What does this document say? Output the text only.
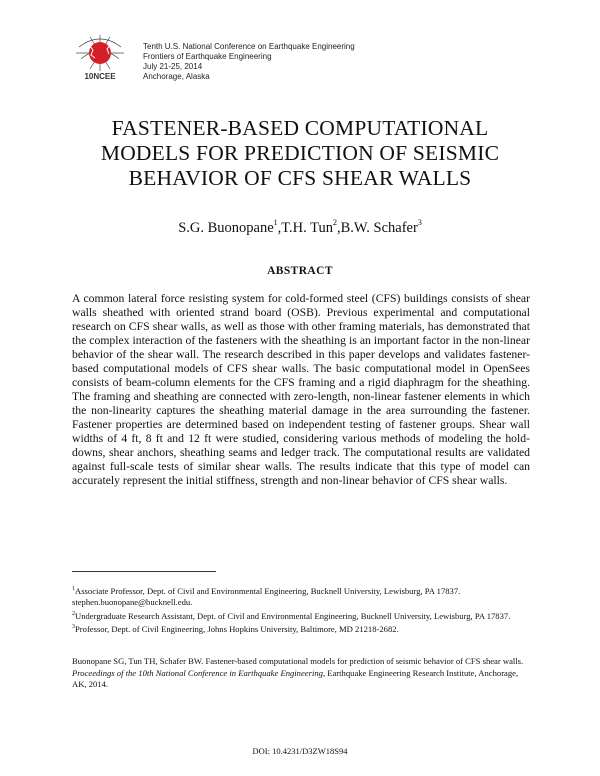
10NCEE
Tenth U.S. National Conference on Earthquake Engineering
Frontiers of Earthquake Engineering
July 21-25, 2014
Anchorage, Alaska
FASTENER-BASED COMPUTATIONAL
MODELS FOR PREDICTION OF SEISMIC
BEHAVIOR OF CFS SHEAR WALLS
S.G. Buonopane$^1$,T.H. Tun$^2$,B.W. Schafer$^3$
ABSTRACT
A common lateral force resisting system for cold-formed steel (CFS) buildings consists of shear walls sheathed with oriented strand board (OSB). Previous experimental and computational research on CFS shear walls, as well as those with other framing materials, has demonstrated that the complex interaction of the fasteners with the sheathing is an important factor in the non-linear behavior of the shear wall. The research described in this paper develops and validates fastener-based computational models of CFS shear walls. The basic computational model in OpenSees consists of beam-column elements for the CFS framing and a rigid diaphragm for the sheathing. The framing and sheathing are connected with zero-length, non-linear fastener elements in which the non-linearity captures the sheathing material damage in the area surrounding the fastener. Fastener properties are determined based on independent testing of fastener groups. Shear wall widths of 4 ft, 8 ft and 12 ft were studied, considering various methods of modeling the hold-downs, shear anchors, sheathing seams and ledger track. The computational results are validated against full-scale tests of similar shear walls. The results indicate that this type of model can accurately represent the initial stiffness, strength and non-linear behavior of CFS shear walls.

$^1$Associate Professor, Dept. of Civil and Environmental Engineering, Bucknell University, Lewisburg, PA 17837. stephen.buonopane@bucknell.edu.

$^2$Undergraduate Research Assistant, Dept. of Civil and Environmental Engineering, Bucknell University, Lewisburg, PA 17837.

$^3$Professor, Dept. of Civil Engineering, Johns Hopkins University, Baltimore, MD 21218-2682.

Buonopane SG, Tun TH, Schafer BW. Fastener-based computational models for prediction of seismic behavior of CFS shear walls. Proceedings of the 10th National Conference in Earthquake Engineering, Earthquake Engineering Research Institute, Anchorage, AK, 2014.
DOI: 10.4231/D3ZW18S94
